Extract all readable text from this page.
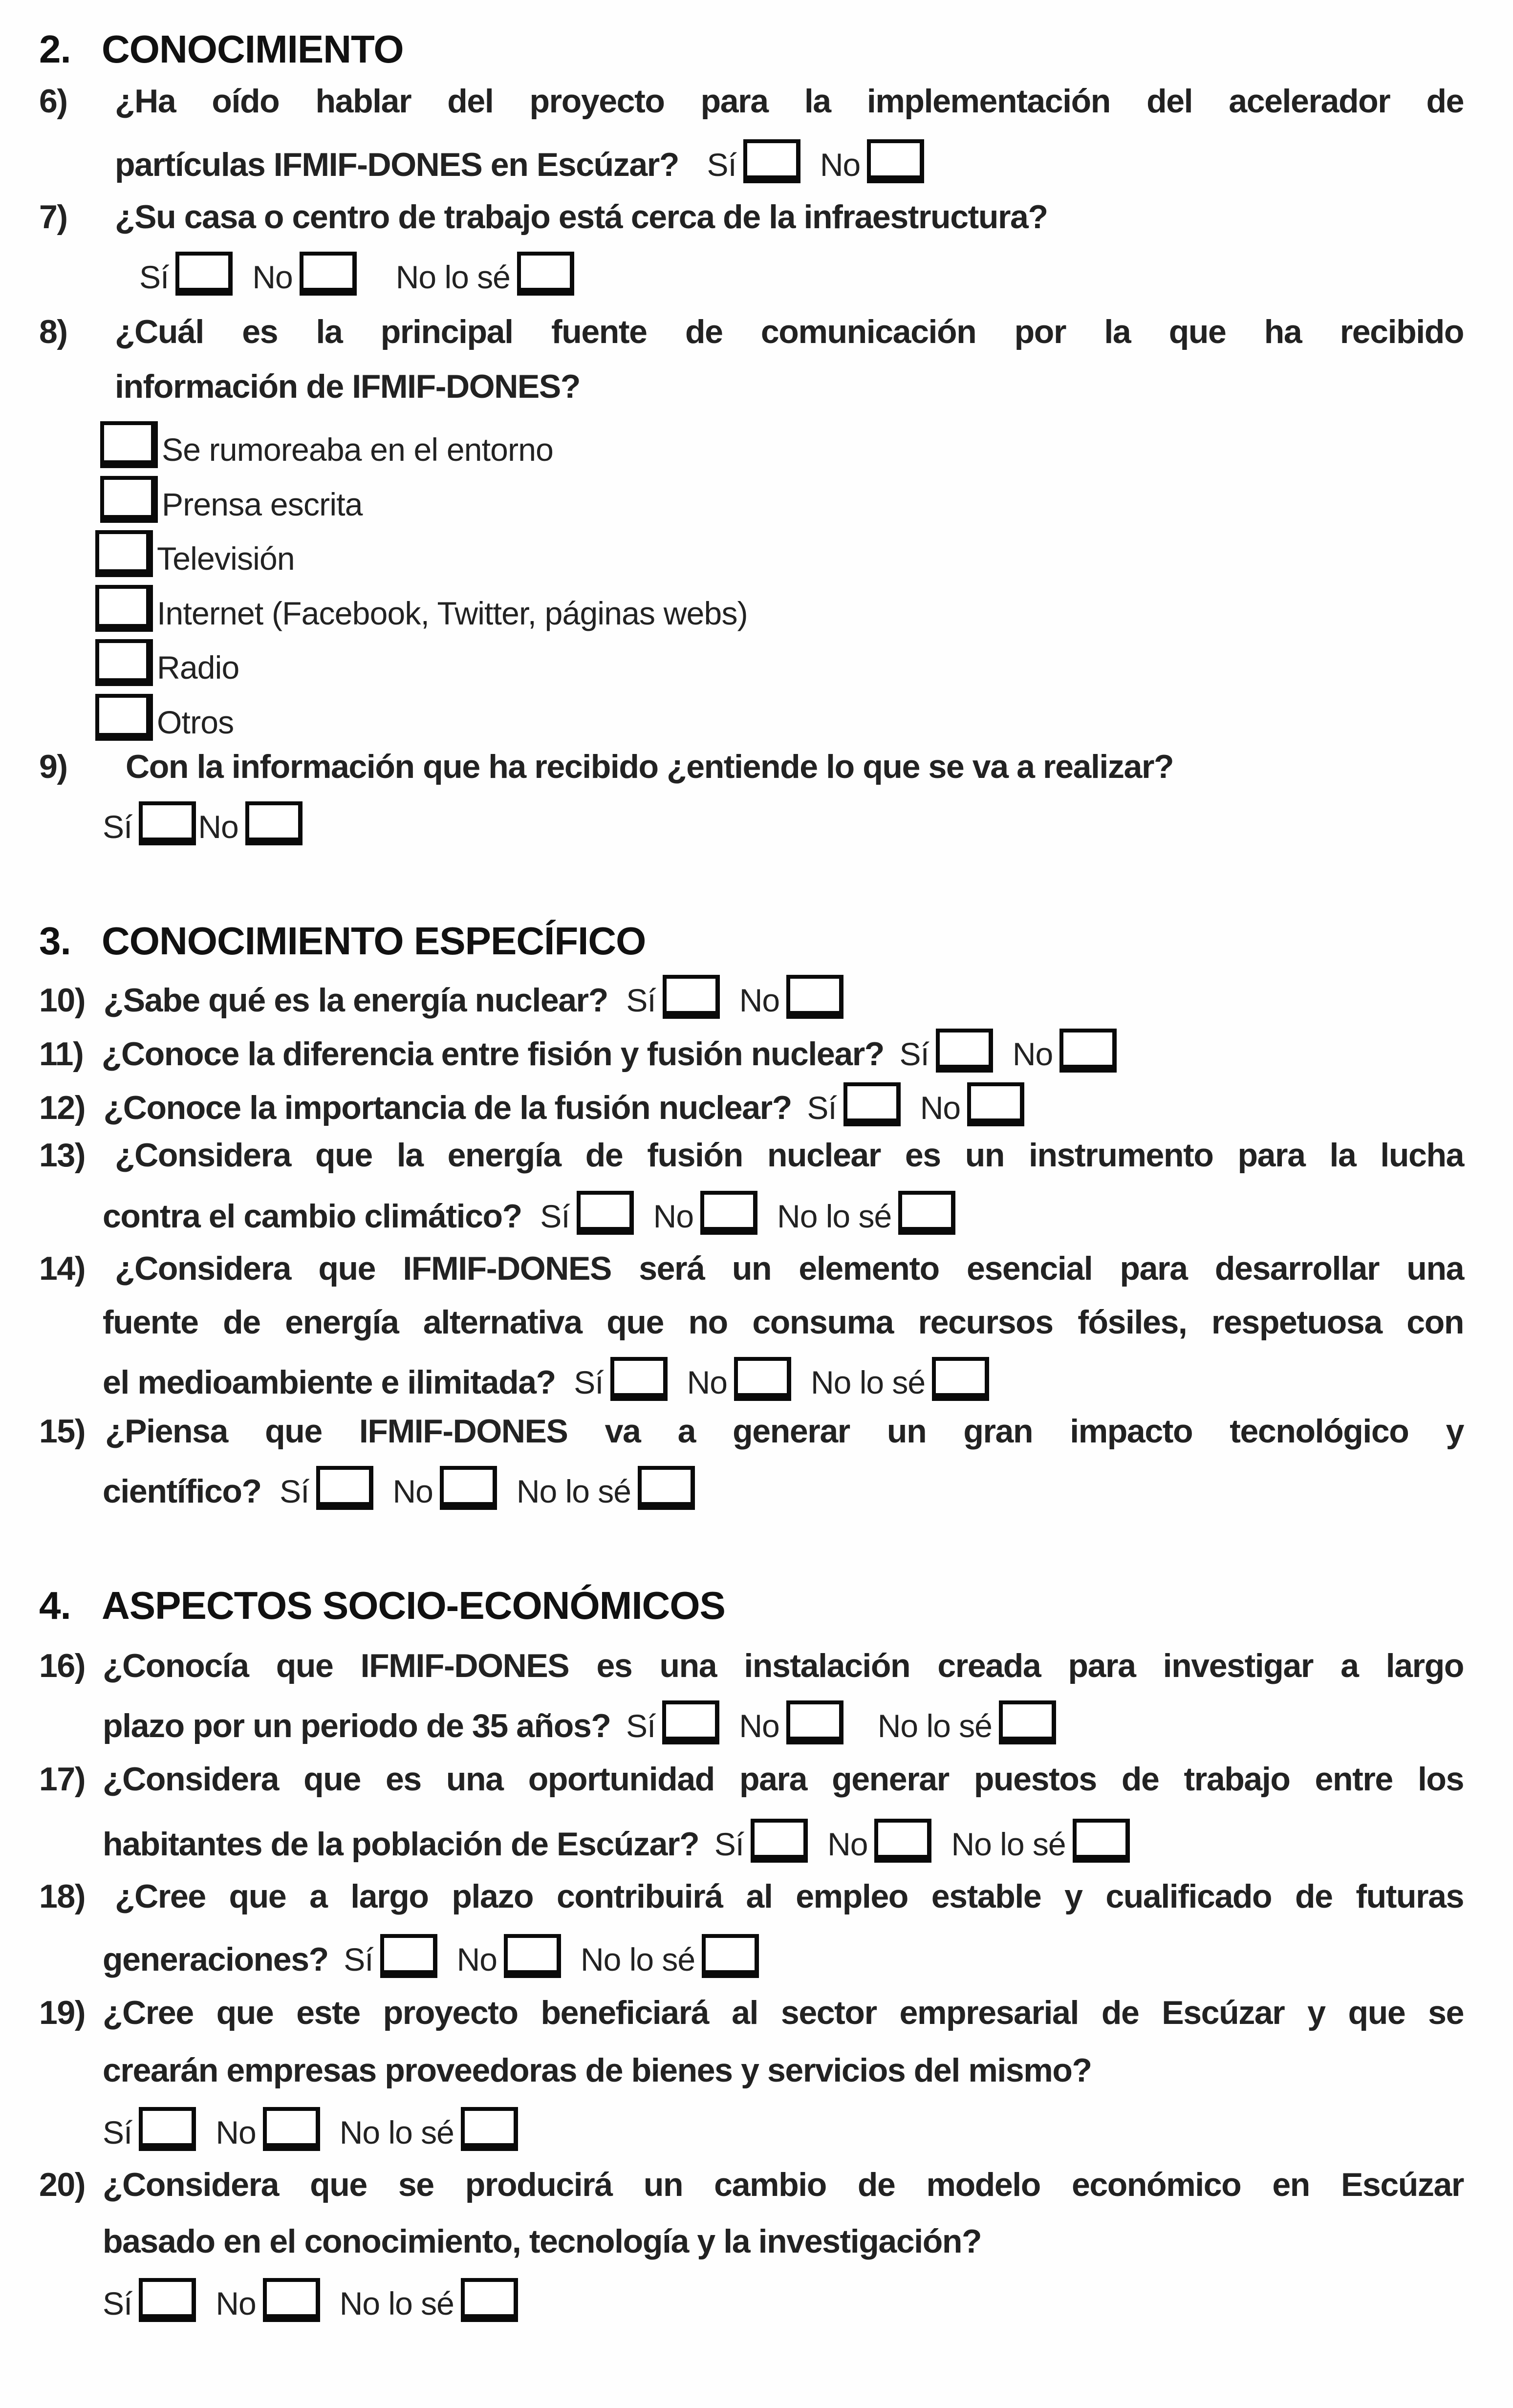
2. CONOCIMIENTO
6) ¿Ha oído hablar del proyecto para la implementación del acelerador de
partículas IFMIF-DONES en Escúzar? Sí	No
7) ¿Su casa o centro de trabajo está cerca de la infraestructura?
Sí	No	No lo sé
8) ¿Cuál es la principal fuente de comunicación por la que ha recibido
información de IFMIF-DONES?
Se rumoreaba en el entorno
Prensa escrita
Televisión
Internet (Facebook, Twitter, páginas webs)
Radio
Otros
9) Con la información que ha recibido ¿entiende lo que se va a realizar?
Sí No
3. CONOCIMIENTO ESPECÍFICO
10) ¿Sabe qué es la energía nuclear? Sí	No
11) ¿Conoce la diferencia entre fisión y fusión nuclear? Sí	No
12) ¿Conoce la importancia de la fusión nuclear? Sí	No
13) ¿Considera que la energía de fusión nuclear es un instrumento para la lucha
contra el cambio climático? Sí	No	No lo sé
14) ¿Considera que IFMIF-DONES será un elemento esencial para desarrollar una
fuente de energía alternativa que no consuma recursos fósiles, respetuosa con
el medioambiente e ilimitada? Sí	No	No lo sé
15) ¿Piensa que IFMIF-DONES va a generar un gran impacto tecnológico y
científico? Sí	No	No lo sé
4. ASPECTOS SOCIO-ECONÓMICOS
16) ¿Conocía que IFMIF-DONES es una instalación creada para investigar a largo
plazo por un periodo de 35 años? Sí	No	No lo sé
17) ¿Considera que es una oportunidad para generar puestos de trabajo entre los
habitantes de la población de Escúzar? Sí	No	No lo sé
18) ¿Cree que a largo plazo contribuirá al empleo estable y cualificado de futuras
generaciones? Sí	No	No lo sé
19) ¿Cree que este proyecto beneficiará al sector empresarial de Escúzar y que se
crearán empresas proveedoras de bienes y servicios del mismo?
Sí	No	No lo sé
20) ¿Considera que se producirá un cambio de modelo económico en Escúzar
basado en el conocimiento, tecnología y la investigación?
Sí	No	No lo sé
